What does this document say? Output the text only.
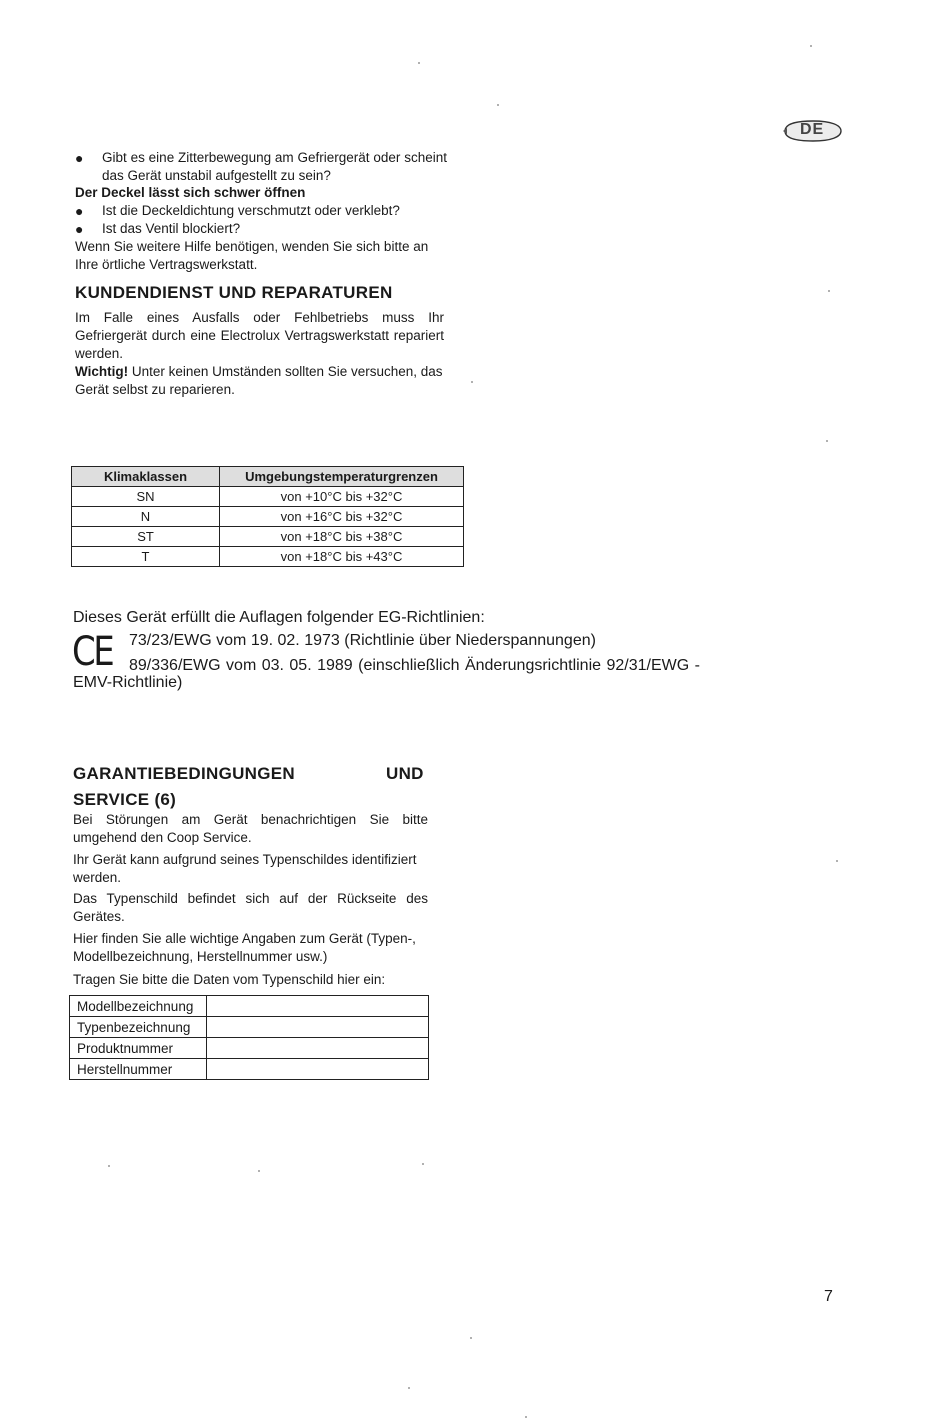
DE
●	Gibt es eine Zitterbewegung am Gefriergerät oder scheint das Gerät unstabil aufgestellt zu sein?
Der Deckel lässt sich schwer öffnen
●	Ist die Deckeldichtung verschmutzt oder verklebt?
●	Ist das Ventil blockiert?
Wenn Sie weitere Hilfe benötigen, wenden Sie sich bitte an Ihre örtliche Vertragswerkstatt.
KUNDENDIENST UND REPARATUREN
Im Falle eines Ausfalls oder Fehlbetriebs muss Ihr Gefriergerät durch eine Electrolux Vertragswerkstatt repariert werden.
Wichtig! Unter keinen Umständen sollten Sie versuchen, das Gerät selbst zu reparieren.
Klimaklassen	Umgebungstemperaturgrenzen
SN	von +10°C bis +32°C
N	von +16°C bis +32°C
ST	von +18°C bis +38°C
T	von +18°C bis +43°C
Dieses Gerät erfüllt die Auflagen folgender EG-Richtlinien:
CE 73/23/EWG vom 19. 02. 1973 (Richtlinie über Niederspannungen)
89/336/EWG vom 03. 05. 1989 (einschließlich Änderungsrichtlinie 92/31/EWG -
EMV-Richtlinie)
GARANTIEBEDINGUNGEN	UND
SERVICE (6)
Bei Störungen am Gerät benachrichtigen Sie bitte umgehend den Coop Service.
Ihr Gerät kann aufgrund seines Typenschildes identifiziert werden.
Das Typenschild befindet sich auf der Rückseite des Gerätes.
Hier finden Sie alle wichtige Angaben zum Gerät (Typen-, Modellbezeichnung, Herstellnummer usw.)
Tragen Sie bitte die Daten vom Typenschild hier ein:
Modellbezeichnung	
Typenbezeichnung	
Produktnummer	
Herstellnummer	
7
